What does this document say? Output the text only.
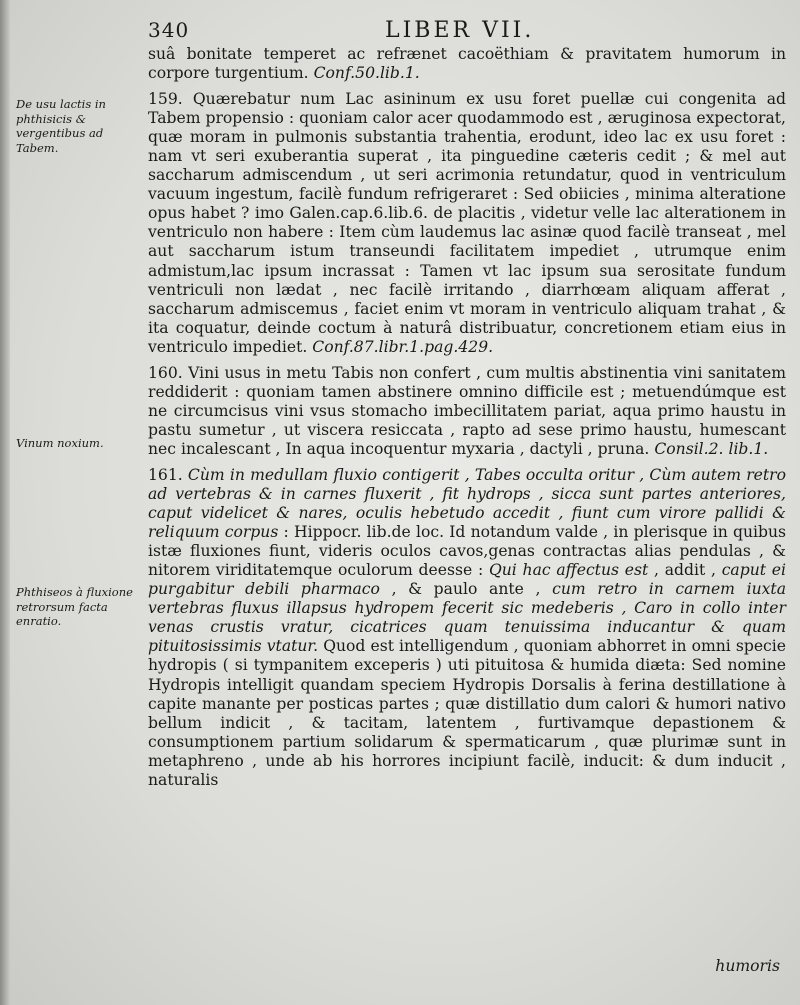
340	LIBER VII.
De usu lactis in phthisicis & vergentibus ad Tabem.
Vinum noxium.
Phthiseos à fluxione retrorsum facta enratio.

suâ bonitate temperet ac refrænet cacoëthiam & pravitatem humorum in corpore turgentium. Conf.50.lib.1.

159. Quærebatur num Lac asininum ex usu foret puellæ cui congenita ad Tabem propensio : quoniam calor acer quodammodo est , æruginosa expectorat, quæ moram in pulmonis substantia trahentia, erodunt, ideo lac ex usu foret : nam vt seri exuberantia superat , ita pinguedine cæteris cedit ; & mel aut saccharum admiscendum , ut seri acrimonia retundatur, quod in ventriculum vacuum ingestum, facilè fundum refrigeraret : Sed obiicies , minima alteratione opus habet ? imo Galen.cap.6.lib.6. de placitis , videtur velle lac alterationem in ventriculo non habere : Item cùm laudemus lac asinæ quod facilè transeat , mel aut saccharum istum transeundi facilitatem impediet , utrumque enim admistum,lac ipsum incrassat : Tamen vt lac ipsum sua serositate fundum ventriculi non lædat , nec facilè irritando , diarrhœam aliquam afferat , saccharum admiscemus , faciet enim vt moram in ventriculo aliquam trahat , & ita coquatur, deinde coctum à naturâ distribuatur, concretionem etiam eius in ventriculo impediet. Conf.87.libr.1.pag.429.

160. Vini usus in metu Tabis non confert , cum multis abstinentia vini sanitatem reddiderit : quoniam tamen abstinere omnino difficile est ; metuendúmque est ne circumcisus vini vsus stomacho imbecillitatem pariat, aqua primo haustu in pastu sumetur , ut viscera resiccata , rapto ad sese primo haustu, humescant nec incalescant , In aqua incoquentur myxaria , dactyli , pruna. Consil.2. lib.1.

161. Cùm in medullam fluxio contigerit , Tabes occulta oritur , Cùm autem retro ad vertebras & in carnes fluxerit , fit hydrops , sicca sunt partes anteriores, caput videlicet & nares, oculis hebetudo accedit , fiunt cum virore pallidi & reliquum corpus : Hippocr. lib.de loc. Id notandum valde , in plerisque in quibus istæ fluxiones fiunt, videris oculos cavos,genas contractas alias pendulas , & nitorem viriditatemque oculorum deesse : Qui hac affectus est , addit , caput ei purgabitur debili pharmaco , & paulo ante , cum retro in carnem iuxta vertebras fluxus illapsus hydropem fecerit sic medeberis , Caro in collo inter venas crustis vratur, cicatrices quam tenuissima inducantur & quam pituitosissimis vtatur. Quod est intelligendum , quoniam abhorret in omni specie hydropis ( si tympanitem exceperis ) uti pituitosa & humida diæta: Sed nomine Hydropis intelligit quandam speciem Hydropis Dorsalis à ferina destillatione à capite manante per posticas partes ; quæ distillatio dum calori & humori nativo bellum indicit , & tacitam, latentem , furtivamque depastionem & consumptionem partium solidarum & spermaticarum , quæ plurimæ sunt in metaphreno , unde ab his horrores incipiunt facilè, inducit: & dum inducit , naturalis

humoris
